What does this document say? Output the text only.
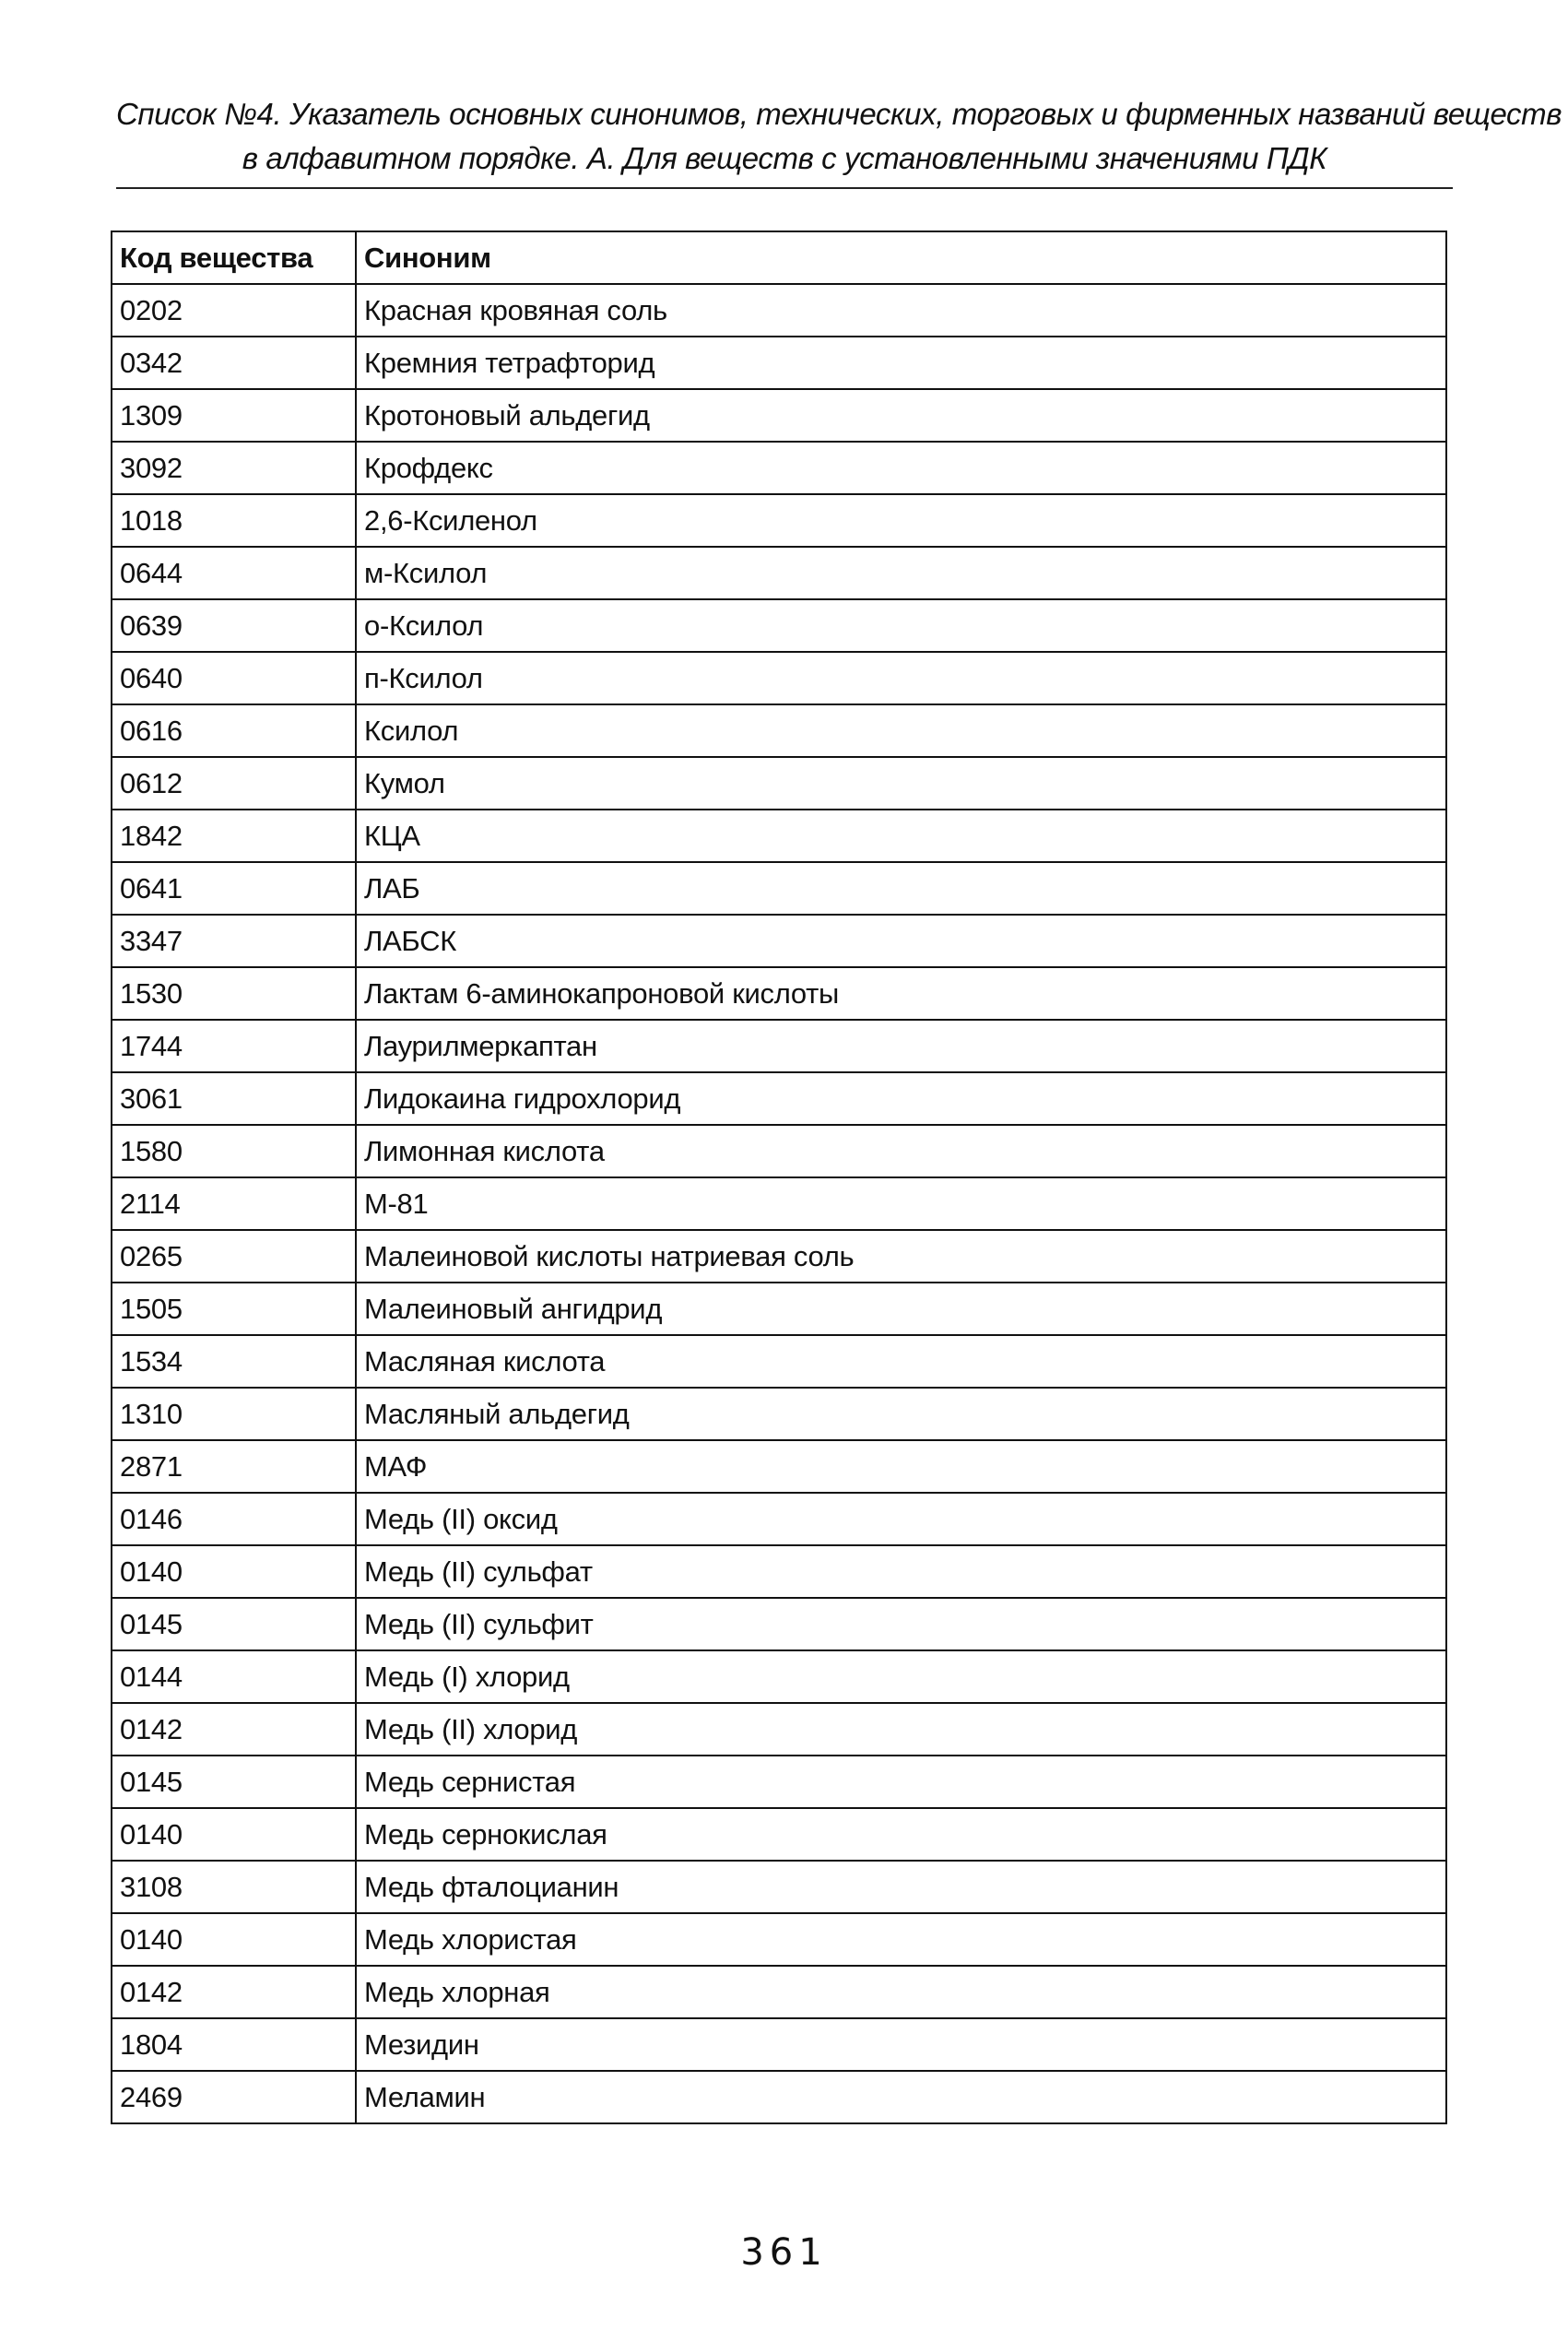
Список №4. Указатель основных синонимов, технических, торговых и фирменных названий веществ
в алфавитном порядке. А. Для веществ с установленными значениями ПДК
Код вещества	Синоним
0202	Красная кровяная соль
0342	Кремния тетрафторид
1309	Кротоновый альдегид
3092	Крофдекс
1018	2,6-Ксиленол
0644	м-Ксилол
0639	о-Ксилол
0640	п-Ксилол
0616	Ксилол
0612	Кумол
1842	КЦА
0641	ЛАБ
3347	ЛАБСК
1530	Лактам 6-аминокапроновой кислоты
1744	Лаурилмеркаптан
3061	Лидокаина гидрохлорид
1580	Лимонная кислота
2114	М-81
0265	Малеиновой кислоты натриевая соль
1505	Малеиновый ангидрид
1534	Масляная кислота
1310	Масляный альдегид
2871	МАФ
0146	Медь (II) оксид
0140	Медь (II) сульфат
0145	Медь (II) сульфит
0144	Медь (I) хлорид
0142	Медь (II) хлорид
0145	Медь сернистая
0140	Медь сернокислая
3108	Медь фталоцианин
0140	Медь хлористая
0142	Медь хлорная
1804	Мезидин
2469	Меламин
361
